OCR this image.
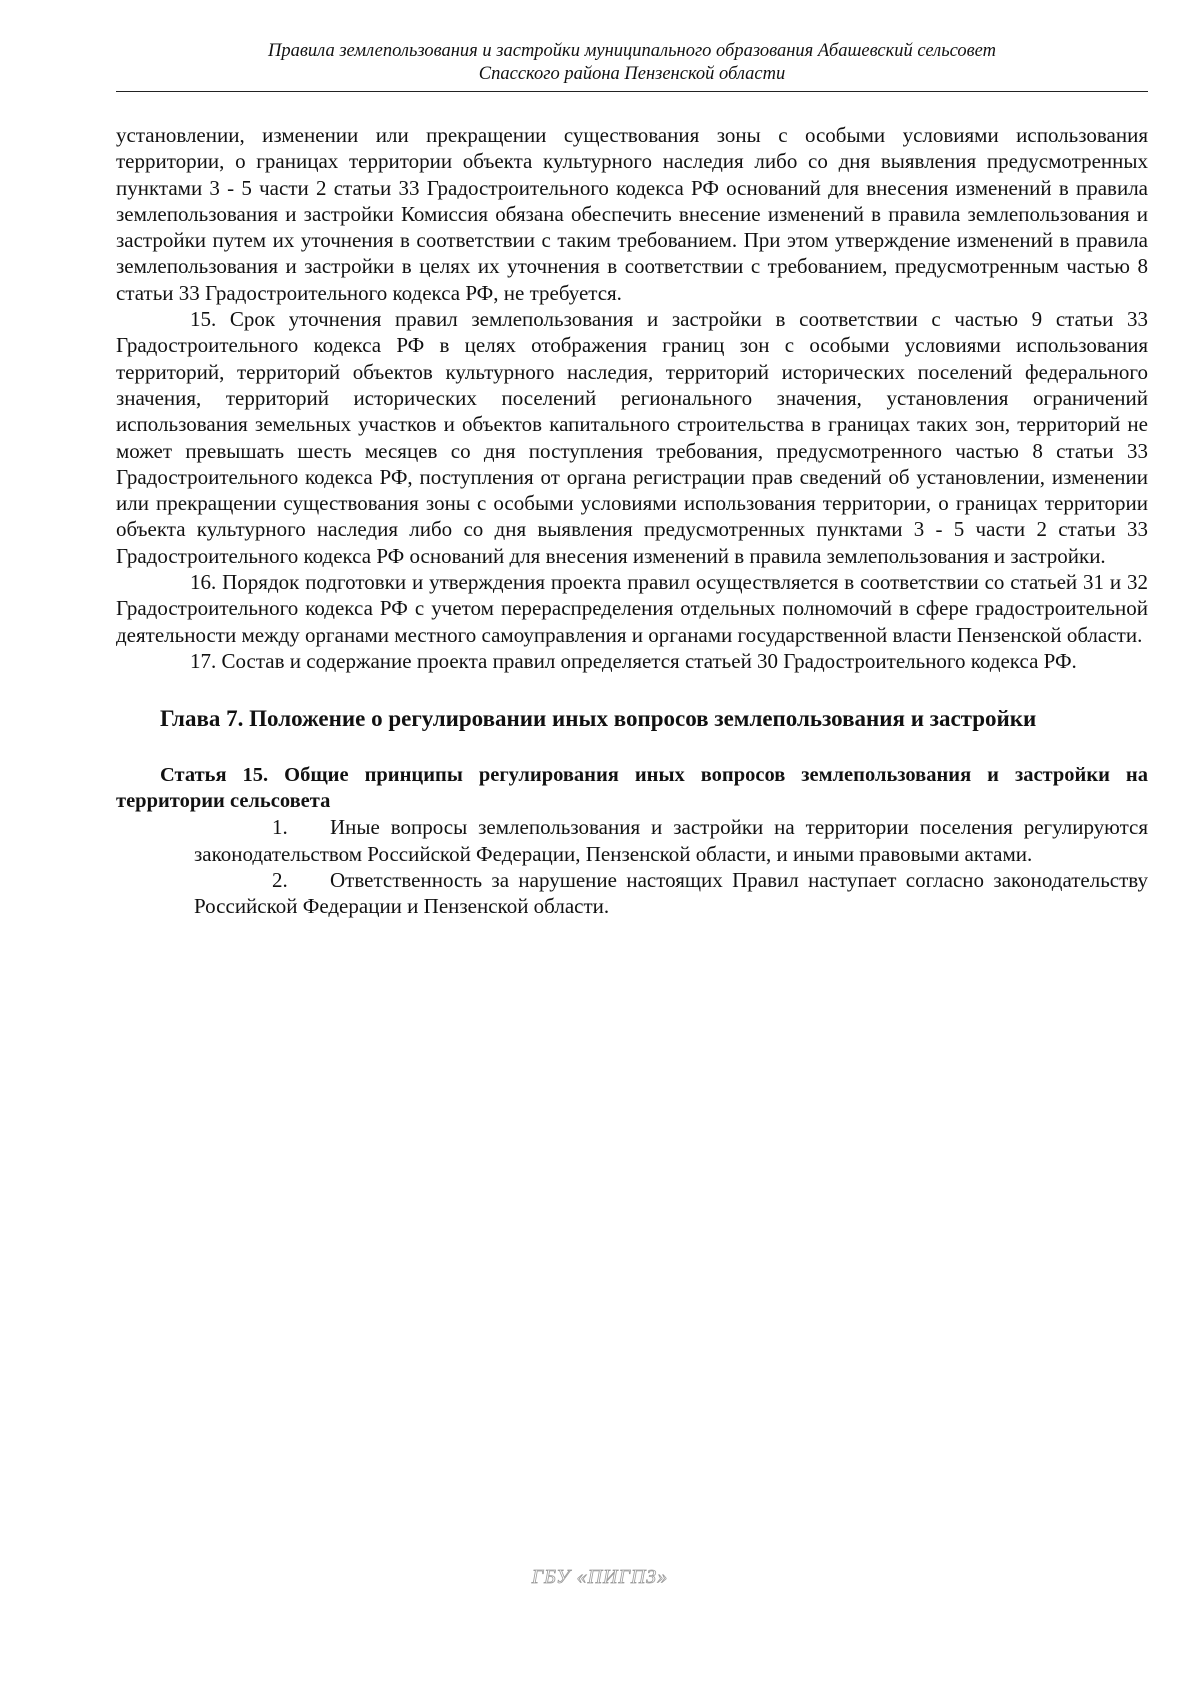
Правила землепользования и застройки муниципального образования Абашевский сельсовет
Спасского района Пензенской области

установлении, изменении или прекращении существования зоны с особыми условиями использования территории, о границах территории объекта культурного наследия либо со дня выявления предусмотренных пунктами 3 - 5 части 2 статьи 33 Градостроительного кодекса РФ оснований для внесения изменений в правила землепользования и застройки Комиссия обязана обеспечить внесение изменений в правила землепользования и застройки путем их уточнения в соответствии с таким требованием. При этом утверждение изменений в правила землепользования и застройки в целях их уточнения в соответствии с требованием, предусмотренным частью 8 статьи 33 Градостроительного кодекса РФ, не требуется.

15. Срок уточнения правил землепользования и застройки в соответствии с частью 9 статьи 33 Градостроительного кодекса РФ в целях отображения границ зон с особыми условиями использования территорий, территорий объектов культурного наследия, территорий исторических поселений федерального значения, территорий исторических поселений регионального значения, установления ограничений использования земельных участков и объектов капитального строительства в границах таких зон, территорий не может превышать шесть месяцев со дня поступления требования, предусмотренного частью 8 статьи 33 Градостроительного кодекса РФ, поступления от органа регистрации прав сведений об установлении, изменении или прекращении существования зоны с особыми условиями использования территории, о границах территории объекта культурного наследия либо со дня выявления предусмотренных пунктами 3 - 5 части 2 статьи 33 Градостроительного кодекса РФ оснований для внесения изменений в правила землепользования и застройки.

16. Порядок подготовки и утверждения проекта правил осуществляется в соответствии со статьей 31 и 32 Градостроительного кодекса РФ с учетом перераспределения отдельных полномочий в сфере градостроительной деятельности между органами местного самоуправления и органами государственной власти Пензенской области.

17. Состав и содержание проекта правил определяется статьей 30 Градостроительного кодекса РФ.

Глава 7. Положение о регулировании иных вопросов землепользования и застройки
Статья 15. Общие принципы регулирования иных вопросов землепользования и застройки на территории сельсовета
1. Иные вопросы землепользования и застройки на территории поселения регулируются законодательством Российской Федерации, Пензенской области, и иными правовыми актами.
2. Ответственность за нарушение настоящих Правил наступает согласно законодательству Российской Федерации и Пензенской области.
ГБУ «ПИГПЗ»
